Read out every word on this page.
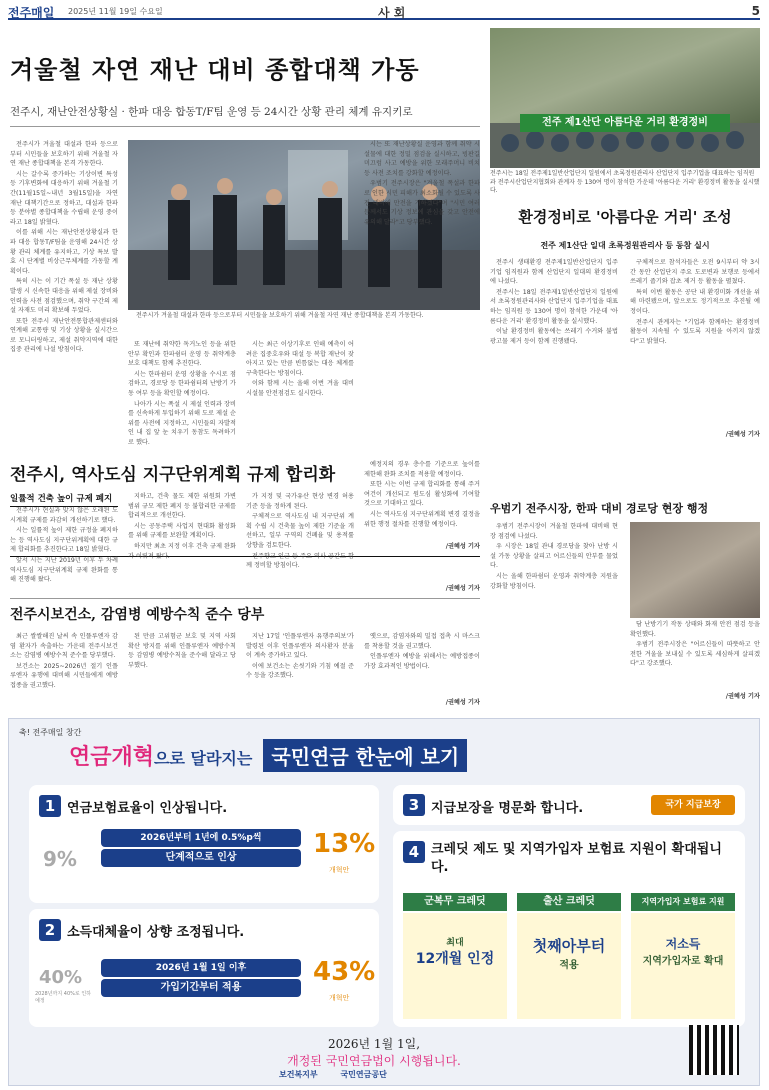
전주매일 2025년 11월 19일 수요일	사 회	5
겨울철 자연 재난 대비 종합대책 가동
전주시, 재난안전상황실 · 한파 대응 합동T/F팀 운영 등 24시간 상황 관리 체계 유지키로

전주시가 겨울철 대설과 한파 등으로부터 시민들을 보호하기 위해 겨울철 자연 재난 종합대책을 본격 가동한다.

시는 갈수록 증가하는 기상이변 특성 등 기후변화에 대응하기 위해 겨울철 기간(11월15일~내년 3월15일)을 자연 재난 대책기간으로 정하고, 대설과 한파 등 분야별 종합대책을 수립해 운영 중이라고 18일 밝혔다.

이를 위해 시는 재난안전상황실과 한파 대응 합동T/F팀을 운영해 24시간 상황 관리 체계를 유지하고, 기상 특보 발효 시 단계별 비상근무체계를 가동할 계획이다.

특히 시는 이 기간 폭설 등 재난 상황 발생 시 신속한 대응을 위해 제설 장비와 인력을 사전 점검했으며, 취약 구간의 제설 자재도 미리 확보해 두었다.

또한 전주시 재난안전통합관제센터와 연계해 교통량 및 기상 상황을 실시간으로 모니터링하고, 제설 취약지역에 대한 집중 관리에 나설 방침이다.

전주시가 겨울철 대설과 한파 등으로부터 시민들을 보호하기 위해 겨울철 자연 재난 종합대책을 본격 가동한다.

또 재난에 취약한 독거노인 등을 위한 안부 확인과 한파쉼터 운영 등 취약계층 보호 대책도 함께 추진한다.

시는 한파쉼터 운영 상황을 수시로 점검하고, 경로당 등 한파쉼터의 난방기 가동 여부 등을 확인할 예정이다.

나아가 시는 폭설 시 제설 인력과 장비를 신속하게 투입하기 위해 도로 제설 순위를 사전에 지정하고, 시민들의 자발적인 내 집 앞 눈 치우기 동참도 독려하기로 했다.

시는 최근 이상기후로 인해 예측이 어려운 집중호우와 대설 등 복합 재난이 잦아지고 있는 만큼 빈틈없는 대응 체계를 구축한다는 방침이다.

이와 함께 시는 올해 이번 겨울 대비 시설물 안전점검도 실시한다.

시는 또 재난상황실 운영과 함께 취약 시설물에 대한 정밀 점검을 실시하고, 빙판길 미끄럼 사고 예방을 위한 모래주머니 비치 등 사전 조치를 강화할 예정이다.

우범기 전주시장은 "겨울철 폭설과 한파로 인한 시민 피해가 최소화될 수 있도록 사전 대비에 만전을 기하겠다"며 "시민 여러분께서도 기상 정보에 관심을 갖고 안전에 유의해 달라"고 당부했다.

/권혜성 기자
전주 제1산단 아름다운 거리 환경정비
전주시는 18일 전주제1일반산업단지 일원에서 초록정원관리사 산업단지 입주기업을 대표하는 임직원과 전주시산업단지협회와 관계자 등 130여 명이 참석한 가운데 '아름다운 거리' 환경정비 활동을 실시했다.
환경정비로 '아름다운 거리' 조성
전주 제1산단 일대 초록정원관리사 등 동참 실시

전주시 생태환경 전주제1일반산업단지 입주기업 임직원과 함께 산업단지 일대의 환경정비에 나섰다.

전주시는 18일 전주제1일반산업단지 일원에서 초록정원관리사와 산업단지 입주기업을 대표하는 임직원 등 130여 명이 참석한 가운데 '아름다운 거리' 환경정비 활동을 실시했다.

이날 환경정비 활동에는 쓰레기 수거와 불법 광고물 제거 등이 함께 진행됐다.

구체적으로 참석자들은 오전 9시부터 약 3시간 동안 산업단지 주요 도로변과 보행로 등에서 쓰레기 줍기와 잡초 제거 등 활동을 펼쳤다.

특히 이번 활동은 공단 내 환경미화 개선을 위해 마련됐으며, 앞으로도 정기적으로 추진될 예정이다.

전주시 관계자는 "기업과 함께하는 환경정비 활동이 지속될 수 있도록 지원을 아끼지 않겠다"고 밝혔다.

/권혜성 기자
전주시, 역사도심 지구단위계획 규제 합리화
우범기 전주시장, 한파 대비 경로당 현장 행정

우범기 전주시장이 겨울철 한파에 대비해 현장 점검에 나섰다.

우 시장은 18일 관내 경로당을 찾아 난방 시설 가동 상황을 살피고 어르신들의 안부를 물었다.

시는 올해 한파쉼터 운영과 취약계층 지원을 강화할 방침이다.

담 난방기기 작동 상태와 화재 안전 점검 등을 확인했다.

우범기 전주시장은 "어르신들이 따뜻하고 안전한 겨울을 보내실 수 있도록 세심하게 살피겠다"고 강조했다.

/권혜성 기자
일률적 건축 높이 규제 폐지

전주시가 현실과 맞지 않은 오래된 도시계획 규제를 과감히 개선하기로 했다.

시는 일률적 높이 제한 규정을 폐지하는 등 역사도심 지구단위계획에 대한 규제 합리화를 추진한다고 18일 밝혔다.

앞서 시는 지난 2019년 이후 두 차례 역사도심 지구단위계획 규제 완화를 통해 진행해 왔다.

지하고, 건축 물도 제한 위원회 가변 범위 규모 제한 폐지 등 불합리한 규제를 합리적으로 개선한다.

시는 공동주택 사업지 현대화 활성화를 위해 규제를 보완할 계획이다.

하지만 최초 지정 이후 건축 규제 완화가 이뤄져 왔다.

가 지정 및 국가유산 현상 변경 허용 기준 등을 정하게 된다.

구체적으로 역사도심 내 지구단위 계획 수립 시 건축물 높이 제한 기준을 개선하고, 일부 구역의 건폐율 및 용적률 상향을 검토한다.

전주향교 인근 등 주요 역사 공간도 함께 정비할 방침이다.

예정지의 경우 층수를 기준으로 높이를 제한해 완화 조치를 적용할 예정이다.

또한 시는 이번 규제 합리화를 통해 주거 여건이 개선되고 원도심 활성화에 기여할 것으로 기대하고 있다.

시는 역사도심 지구단위계획 변경 결정을 위한 행정 절차를 진행할 예정이다.

/권혜성 기자
전주시보건소, 감염병 예방수칙 준수 당부

최근 쌀쌀해진 날씨 속 인플루엔자 감염 환자가 속출하는 가운데 전주시보건소는 감염병 예방수칙 준수를 당부했다.

보건소는 2025~2026년 절기 인플루엔자 유행에 대비해 시민들에게 예방접종을 권고했다.

된 만큼 고위험군 보호 및 지역 사회 확산 방지를 위해 인플루엔자 예방수칙 등 감염병 예방수칙을 준수해 달라고 당부했다.

지난 17일 '인플루엔자 유행주의보'가 발령된 이후 인플루엔자 의사환자 분율이 계속 증가하고 있다.

이에 보건소는 손씻기와 기침 예절 준수 등을 강조했다.

옛으로, 감염자와의 밀접 접촉 시 마스크를 착용할 것을 권고했다.

인플루엔자 예방을 위해서는 예방접종이 가장 효과적인 방법이다.

/권혜성 기자
축! 전주매일 창간
연금개혁으로 달라지는 국민연금 한눈에 보기
1 연금보험료율이 인상됩니다.
9%
2026년부터 1년에 0.5%p씩
단계적으로 인상	13%
개혁안
2 소득대체율이 상향 조정됩니다.
40%
2028년까지 40%로 인하 예정
2026년 1월 1일 이후
가입기간부터 적용
43%
개혁안
3 지급보장을 명문화 합니다.	국가 지급보장
4 크레딧 제도 및 지역가입자 보험료 지원이 확대됩니다.
군복무 크레딧
최대
12개월 인정
출산 크레딧
첫째아부터
적용
지역가입자 보험료 지원
저소득
지역가입자로 확대
2026년 1월 1일,
개정된 국민연금법이 시행됩니다.
보건복지부	국민연금공단
